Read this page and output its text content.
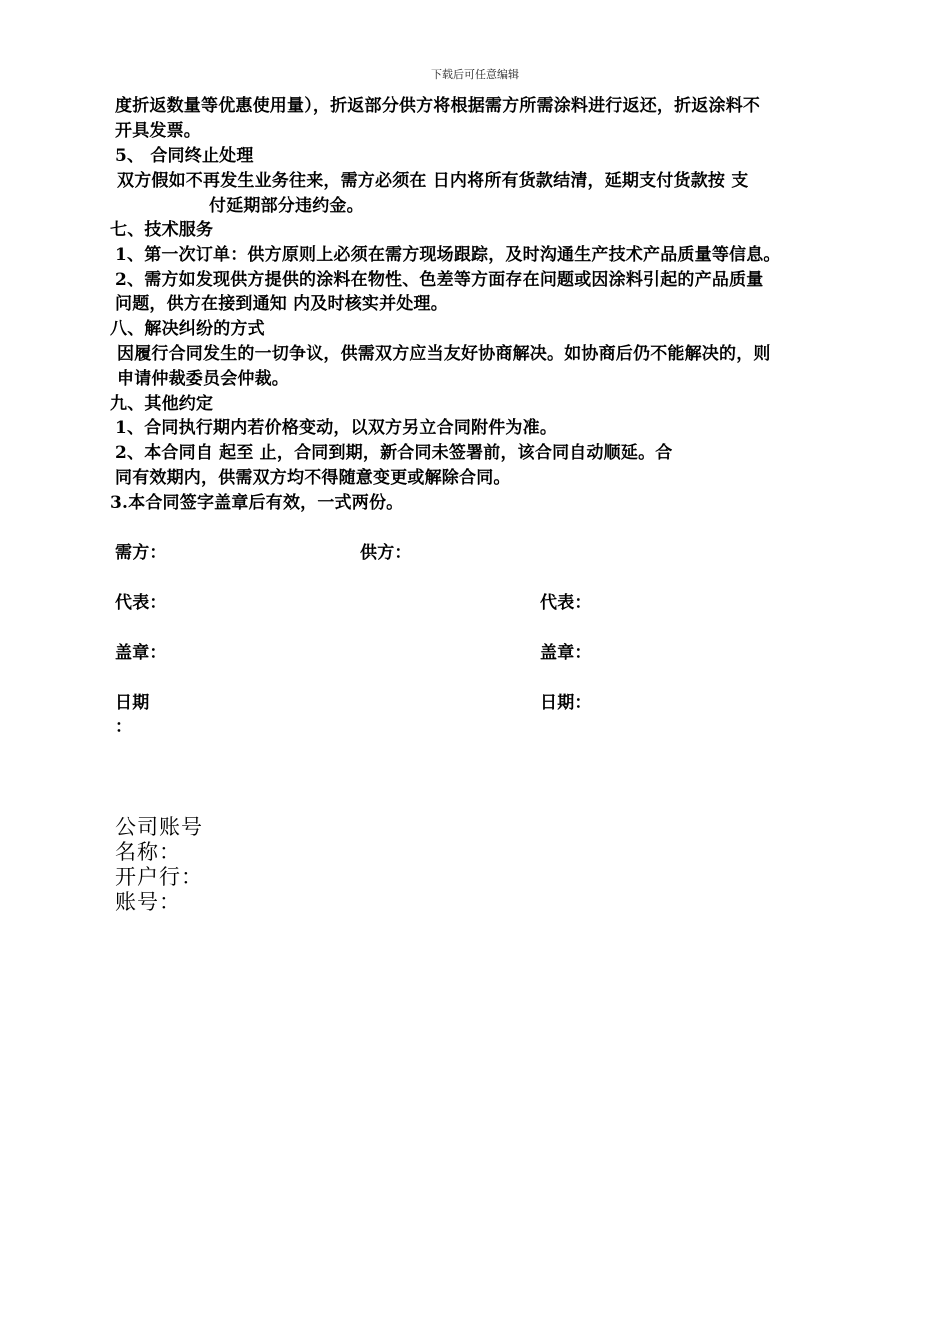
下载后可任意编辑
度折返数量等优惠使用量），折返部分供方将根据需方所需涂料进行返还，折返涂料不
开具发票。
5、 合同终止处理
双方假如不再发生业务往来，需方必须在 日内将所有货款结清，延期支付货款按 支
付延期部分违约金。
七、技术服务
1、第一次订单：供方原则上必须在需方现场跟踪，及时沟通生产技术产品质量等信息。
2、需方如发现供方提供的涂料在物性、色差等方面存在问题或因涂料引起的产品质量
问题，供方在接到通知 内及时核实并处理。
八、解决纠纷的方式
因履行合同发生的一切争议，供需双方应当友好协商解决。如协商后仍不能解决的，则
申请仲裁委员会仲裁。
九、其他约定
1、合同执行期内若价格变动，以双方另立合同附件为准。
2、本合同自 起至 止，合同到期，新合同未签署前，该合同自动顺延。合
同有效期内，供需双方均不得随意变更或解除合同。
3.本合同签字盖章后有效，一式两份。
需方：	供方：
代表：	代表：
盖章：	盖章：
日期
：
日期：
公司账号
名称：
开户行：
账号：
